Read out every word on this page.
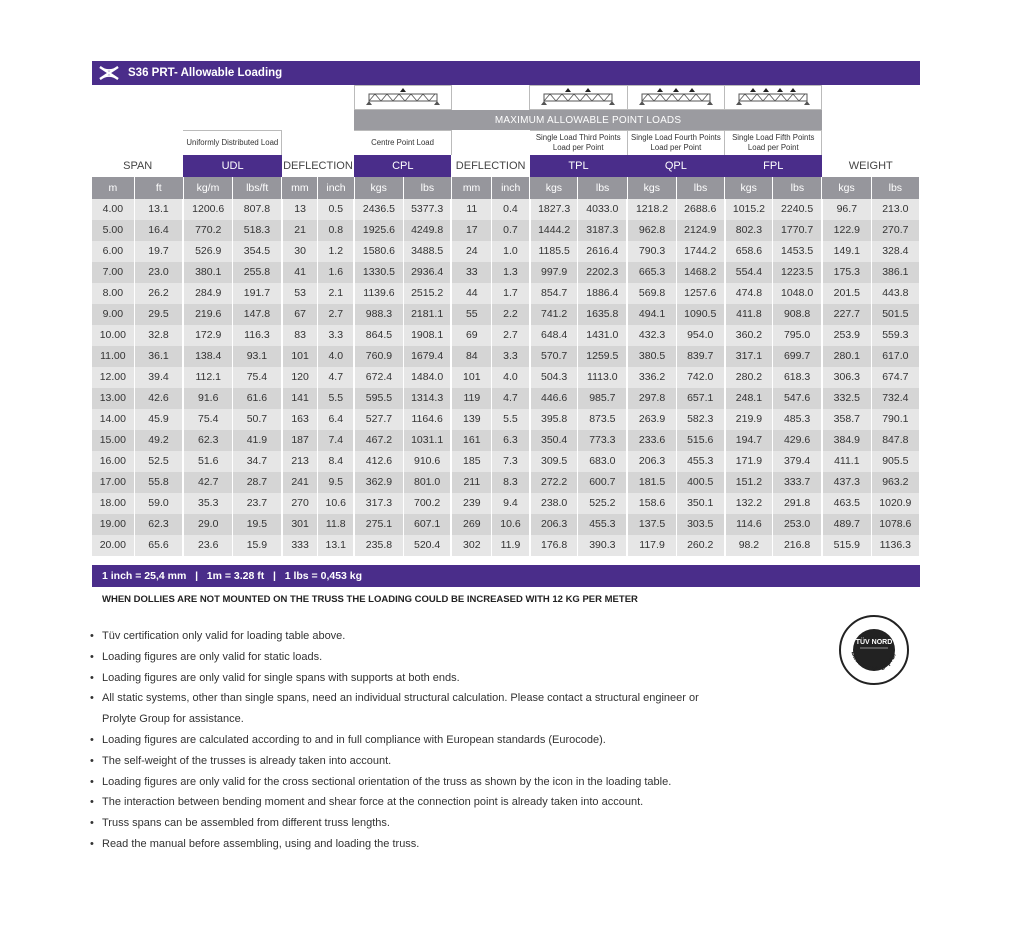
S36 PRT- Allowable Loading

						MAXIMUM ALLOWABLE POINT LOADS											
		Uniformly Distributed Load				Centre Point Load				Single Load Third Points Load per Point		Single Load Fourth Points Load per Point		Single Load Fifth Points Load per Point			
SPAN		UDL		DEFLECTION		CPL		DEFLECTION		TPL		QPL		FPL		WEIGHT	
m	ft	kg/m	lbs/ft	mm	inch	kgs	lbs	mm	inch	kgs	lbs	kgs	lbs	kgs	lbs	kgs	lbs
4.00	13.1	1200.6	807.8	13	0.5	2436.5	5377.3	11	0.4	1827.3	4033.0	1218.2	2688.6	1015.2	2240.5	96.7	213.0
5.00	16.4	770.2	518.3	21	0.8	1925.6	4249.8	17	0.7	1444.2	3187.3	962.8	2124.9	802.3	1770.7	122.9	270.7
6.00	19.7	526.9	354.5	30	1.2	1580.6	3488.5	24	1.0	1185.5	2616.4	790.3	1744.2	658.6	1453.5	149.1	328.4
7.00	23.0	380.1	255.8	41	1.6	1330.5	2936.4	33	1.3	997.9	2202.3	665.3	1468.2	554.4	1223.5	175.3	386.1
8.00	26.2	284.9	191.7	53	2.1	1139.6	2515.2	44	1.7	854.7	1886.4	569.8	1257.6	474.8	1048.0	201.5	443.8
9.00	29.5	219.6	147.8	67	2.7	988.3	2181.1	55	2.2	741.2	1635.8	494.1	1090.5	411.8	908.8	227.7	501.5
10.00	32.8	172.9	116.3	83	3.3	864.5	1908.1	69	2.7	648.4	1431.0	432.3	954.0	360.2	795.0	253.9	559.3
11.00	36.1	138.4	93.1	101	4.0	760.9	1679.4	84	3.3	570.7	1259.5	380.5	839.7	317.1	699.7	280.1	617.0
12.00	39.4	112.1	75.4	120	4.7	672.4	1484.0	101	4.0	504.3	1113.0	336.2	742.0	280.2	618.3	306.3	674.7
13.00	42.6	91.6	61.6	141	5.5	595.5	1314.3	119	4.7	446.6	985.7	297.8	657.1	248.1	547.6	332.5	732.4
14.00	45.9	75.4	50.7	163	6.4	527.7	1164.6	139	5.5	395.8	873.5	263.9	582.3	219.9	485.3	358.7	790.1
15.00	49.2	62.3	41.9	187	7.4	467.2	1031.1	161	6.3	350.4	773.3	233.6	515.6	194.7	429.6	384.9	847.8
16.00	52.5	51.6	34.7	213	8.4	412.6	910.6	185	7.3	309.5	683.0	206.3	455.3	171.9	379.4	411.1	905.5
17.00	55.8	42.7	28.7	241	9.5	362.9	801.0	211	8.3	272.2	600.7	181.5	400.5	151.2	333.7	437.3	963.2
18.00	59.0	35.3	23.7	270	10.6	317.3	700.2	239	9.4	238.0	525.2	158.6	350.1	132.2	291.8	463.5	1020.9
19.00	62.3	29.0	19.5	301	11.8	275.1	607.1	269	10.6	206.3	455.3	137.5	303.5	114.6	253.0	489.7	1078.6
20.00	65.6	23.6	15.9	333	13.1	235.8	520.4	302	11.9	176.8	390.3	117.9	260.2	98.2	216.8	515.9	1136.3
1 inch = 25,4 mm   |   1m = 3.28 ft   |   1 lbs = 0,453 kg
WHEN DOLLIES ARE NOT MOUNTED ON THE TRUSS THE LOADING COULD BE INCREASED WITH 12 KG PER METER
• Tüv certification only valid for loading table above.
• Loading figures are only valid for static loads.
• Loading figures are only valid for single spans with supports at both ends.
• All static systems, other than single spans, need an individual structural calculation. Please contact a structural engineer or
Prolyte Group for assistance.
• Loading figures are calculated according to and in full compliance with European standards (Eurocode).
• The self-weight of the trusses is already taken into account.
• Loading figures are only valid for the cross sectional orientation of the truss as shown by the icon in the loading table.
• The interaction between bending moment and shear force at the connection point is already taken into account.
• Truss spans can be assembled from different truss lengths.
• Read the manual before assembling, using and loading the truss.
TÜV NORD
Baumuster geprüf
